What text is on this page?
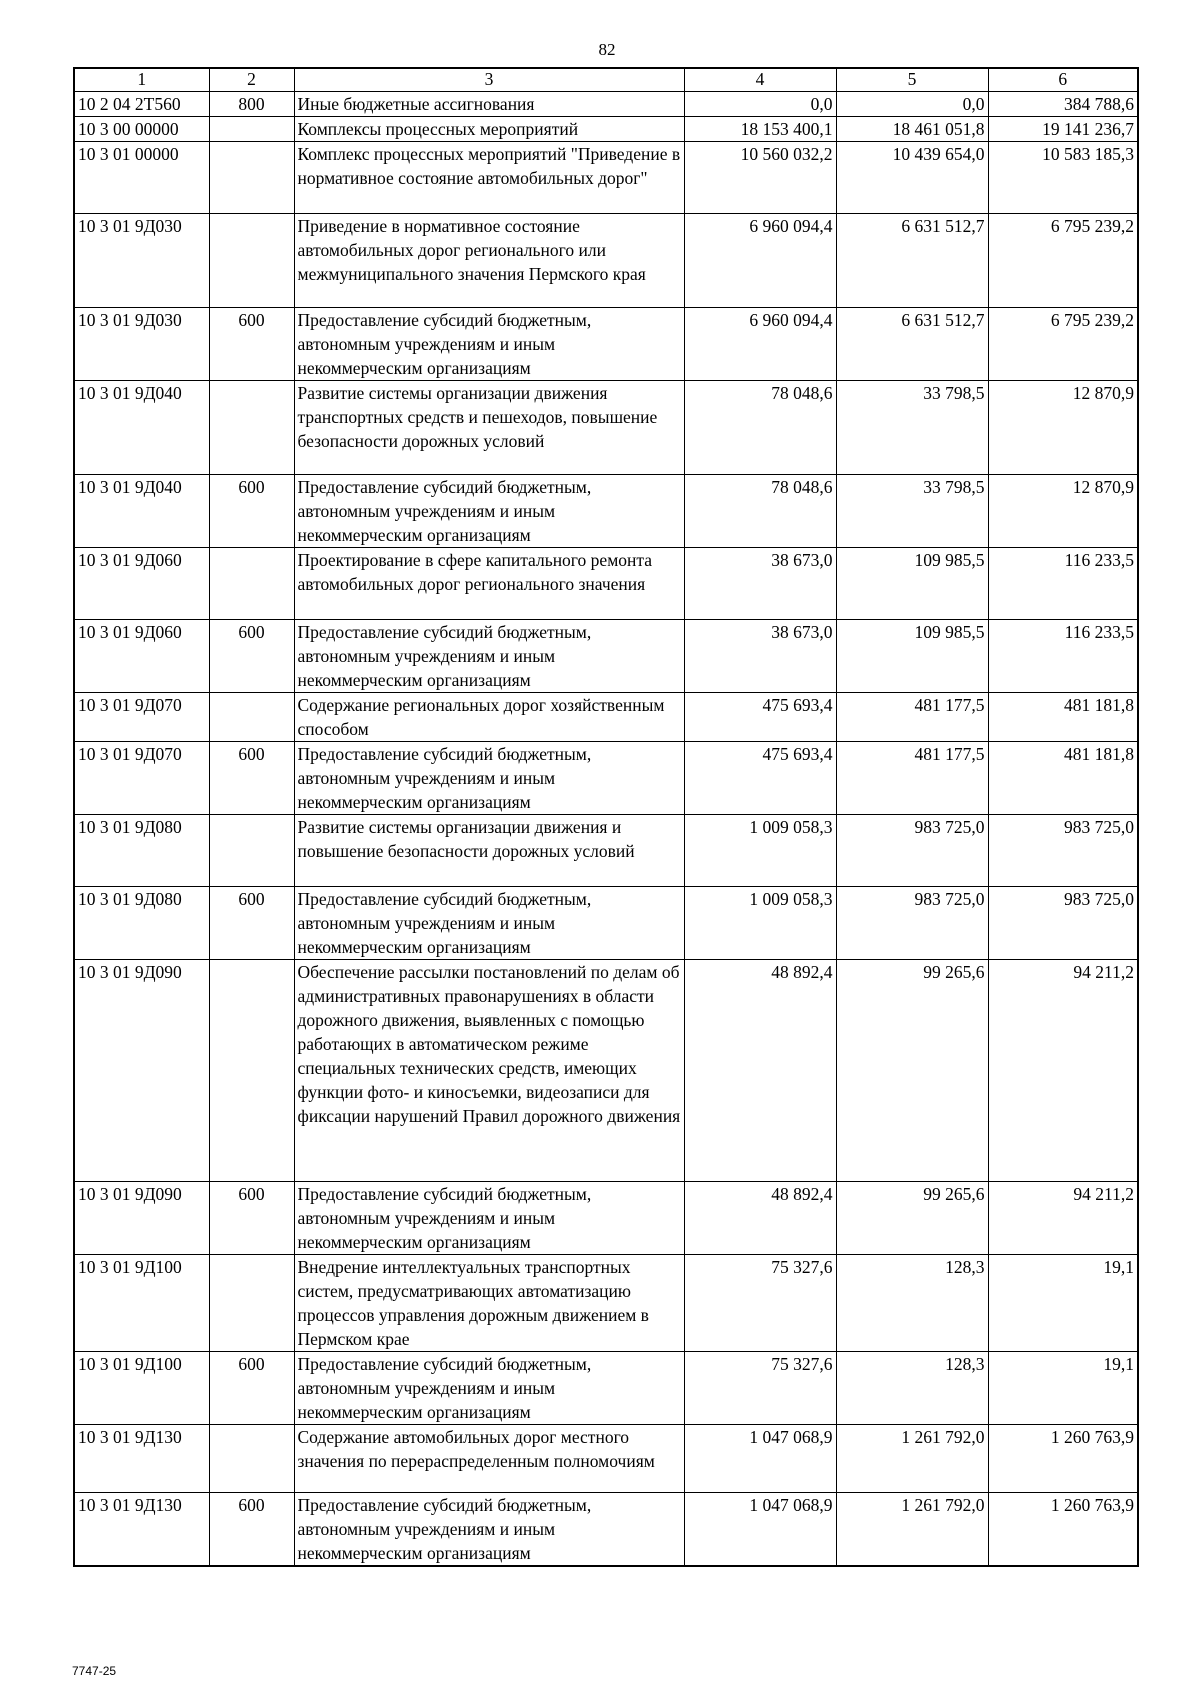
82
1	2	3	4	5	6
10 2 04 2Т560	800	Иные бюджетные ассигнования	0,0	0,0	384 788,6
10 3 00 00000		Комплексы процессных мероприятий	18 153 400,1	18 461 051,8	19 141 236,7
10 3 01 00000		Комплекс процессных мероприятий "Приведение в нормативное состояние автомобильных дорог"	10 560 032,2	10 439 654,0	10 583 185,3
10 3 01 9Д030		Приведение в нормативное состояние автомобильных дорог регионального или межмуниципального значения Пермского края	6 960 094,4	6 631 512,7	6 795 239,2
10 3 01 9Д030	600	Предоставление субсидий бюджетным, автономным учреждениям и иным некоммерческим организациям	6 960 094,4	6 631 512,7	6 795 239,2
10 3 01 9Д040		Развитие системы организации движения транспортных средств и пешеходов, повышение безопасности дорожных условий	78 048,6	33 798,5	12 870,9
10 3 01 9Д040	600	Предоставление субсидий бюджетным, автономным учреждениям и иным некоммерческим организациям	78 048,6	33 798,5	12 870,9
10 3 01 9Д060		Проектирование в сфере капитального ремонта автомобильных дорог регионального значения	38 673,0	109 985,5	116 233,5
10 3 01 9Д060	600	Предоставление субсидий бюджетным, автономным учреждениям и иным некоммерческим организациям	38 673,0	109 985,5	116 233,5
10 3 01 9Д070		Содержание региональных дорог хозяйственным способом	475 693,4	481 177,5	481 181,8
10 3 01 9Д070	600	Предоставление субсидий бюджетным, автономным учреждениям и иным некоммерческим организациям	475 693,4	481 177,5	481 181,8
10 3 01 9Д080		Развитие системы организации движения и повышение безопасности дорожных условий	1 009 058,3	983 725,0	983 725,0
10 3 01 9Д080	600	Предоставление субсидий бюджетным, автономным учреждениям и иным некоммерческим организациям	1 009 058,3	983 725,0	983 725,0
10 3 01 9Д090		Обеспечение рассылки постановлений по делам об административных правонарушениях в области дорожного движения, выявленных с помощью работающих в автоматическом режиме специальных технических средств, имеющих функции фото- и киносъемки, видеозаписи для фиксации нарушений Правил дорожного движения	48 892,4	99 265,6	94 211,2
10 3 01 9Д090	600	Предоставление субсидий бюджетным, автономным учреждениям и иным некоммерческим организациям	48 892,4	99 265,6	94 211,2
10 3 01 9Д100		Внедрение интеллектуальных транспортных систем, предусматривающих автоматизацию процессов управления дорожным движением в Пермском крае	75 327,6	128,3	19,1
10 3 01 9Д100	600	Предоставление субсидий бюджетным, автономным учреждениям и иным некоммерческим организациям	75 327,6	128,3	19,1
10 3 01 9Д130		Содержание автомобильных дорог местного значения по перераспределенным полномочиям	1 047 068,9	1 261 792,0	1 260 763,9
10 3 01 9Д130	600	Предоставление субсидий бюджетным, автономным учреждениям и иным некоммерческим организациям	1 047 068,9	1 261 792,0	1 260 763,9
7747-25
